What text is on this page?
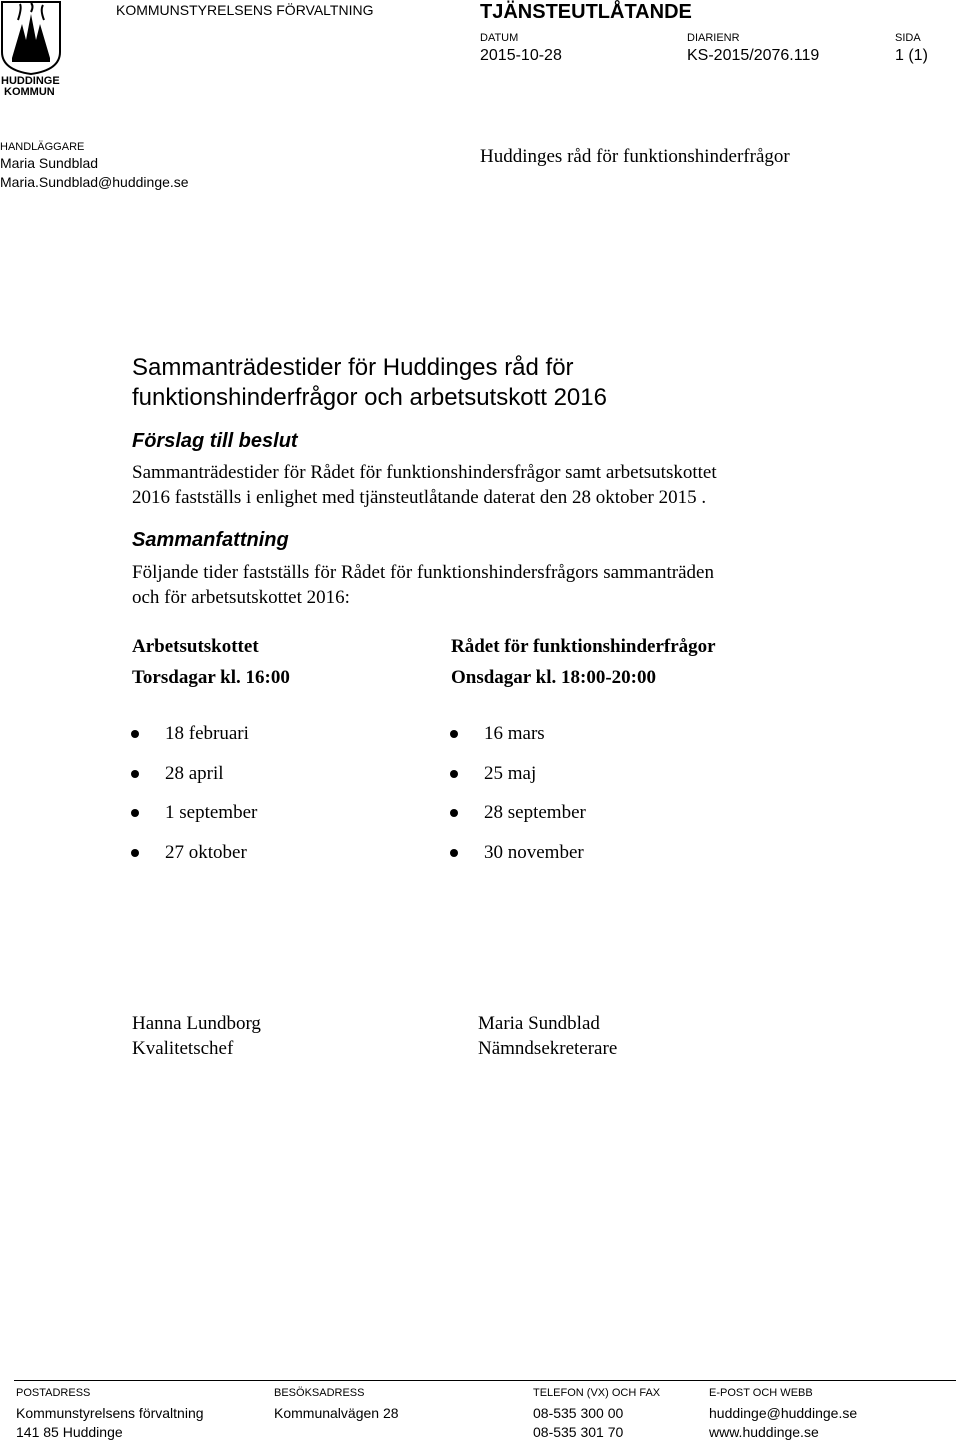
HUDDINGE
KOMMUN
KOMMUNSTYRELSENS FÖRVALTNING	TJÄNSTEUTLÅTANDE
DATUM
2015-10-28
DIARIENR
KS-2015/2076.119
SIDA
1 (1)
HANDLÄGGARE
Maria Sundblad
Maria.Sundblad@huddinge.se
Huddinges råd för funktionshinderfrågor
Sammanträdestider för Huddinges råd för
funktionshinderfrågor och arbetsutskott 2016
Förslag till beslut
Sammanträdestider för Rådet för funktionshindersfrågor samt arbetsutskottet
2016 fastställs i enlighet med tjänsteutlåtande daterat den 28 oktober 2015 .
Sammanfattning
Följande tider fastställs för Rådet för funktionshindersfrågors sammanträden
och för arbetsutskottet 2016:
Arbetsutskottet
Torsdagar kl. 16:00
18 februari
28 april
1 september
27 oktober
Rådet för funktionshinderfrågor
Onsdagar kl. 18:00-20:00
16 mars
25 maj
28 september
30 november
Hanna Lundborg
Kvalitetschef
Maria Sundblad
Nämndsekreterare
POSTADRESS
Kommunstyrelsens förvaltning
141 85 Huddinge
BESÖKSADRESS
Kommunalvägen 28
TELEFON (VX) OCH FAX
08-535 300 00
08-535 301 70
E-POST OCH WEBB
huddinge@huddinge.se
www.huddinge.se
